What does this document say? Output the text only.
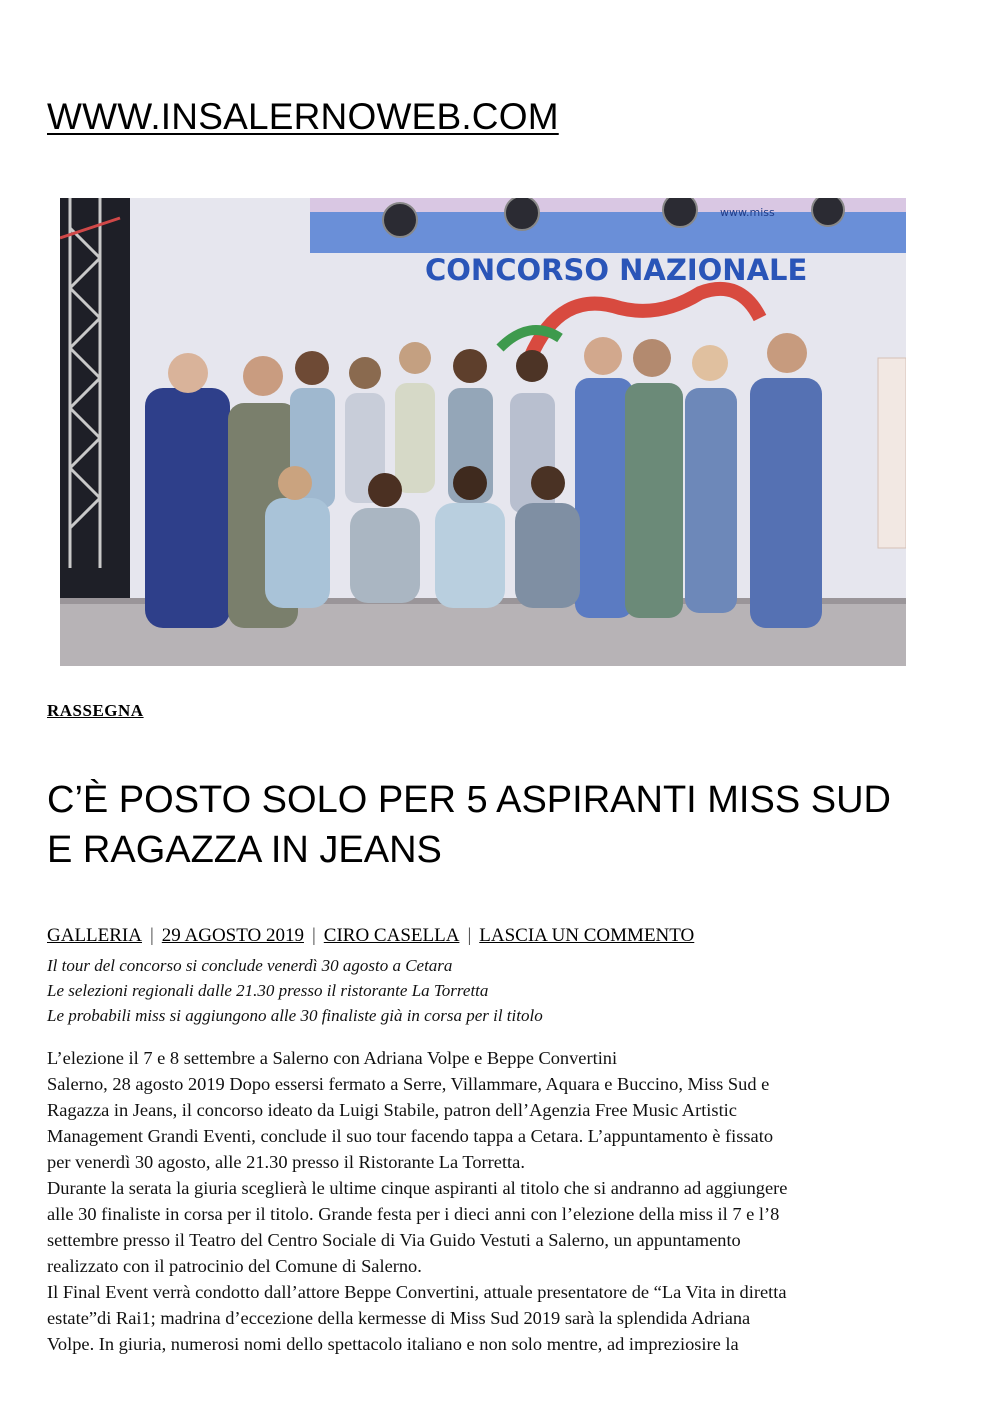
WWW.INSALERNOWEB.COM
CONCORSO NAZIONALE
www.miss
RASSEGNA
C’È POSTO SOLO PER 5 ASPIRANTI MISS SUD
E RAGAZZA IN JEANS
GALLERIA | 29 AGOSTO 2019 | CIRO CASELLA | LASCIA UN COMMENTO
Il tour del concorso si conclude venerdì 30 agosto a Cetara
Le selezioni regionali dalle 21.30 presso il ristorante La Torretta
Le probabili miss si aggiungono alle 30 finaliste già in corsa per il titolo
L’elezione il 7 e 8 settembre a Salerno con Adriana Volpe e Beppe Convertini
Salerno, 28 agosto 2019 Dopo essersi fermato a Serre, Villammare, Aquara e Buccino, Miss Sud e
Ragazza in Jeans, il concorso ideato da Luigi Stabile, patron dell’Agenzia Free Music Artistic
Management Grandi Eventi, conclude il suo tour facendo tappa a Cetara. L’appuntamento è fissato
per venerdì 30 agosto, alle 21.30 presso il Ristorante La Torretta.
Durante la serata la giuria sceglierà le ultime cinque aspiranti al titolo che si andranno ad aggiungere
alle 30 finaliste in corsa per il titolo. Grande festa per i dieci anni con l’elezione della miss il 7 e l’8
settembre presso il Teatro del Centro Sociale di Via Guido Vestuti a Salerno, un appuntamento
realizzato con il patrocinio del Comune di Salerno.
Il Final Event verrà condotto dall’attore Beppe Convertini, attuale presentatore de “La Vita in diretta
estate”di Rai1; madrina d’eccezione della kermesse di Miss Sud 2019 sarà la splendida Adriana
Volpe. In giuria, numerosi nomi dello spettacolo italiano e non solo mentre, ad impreziosire la
